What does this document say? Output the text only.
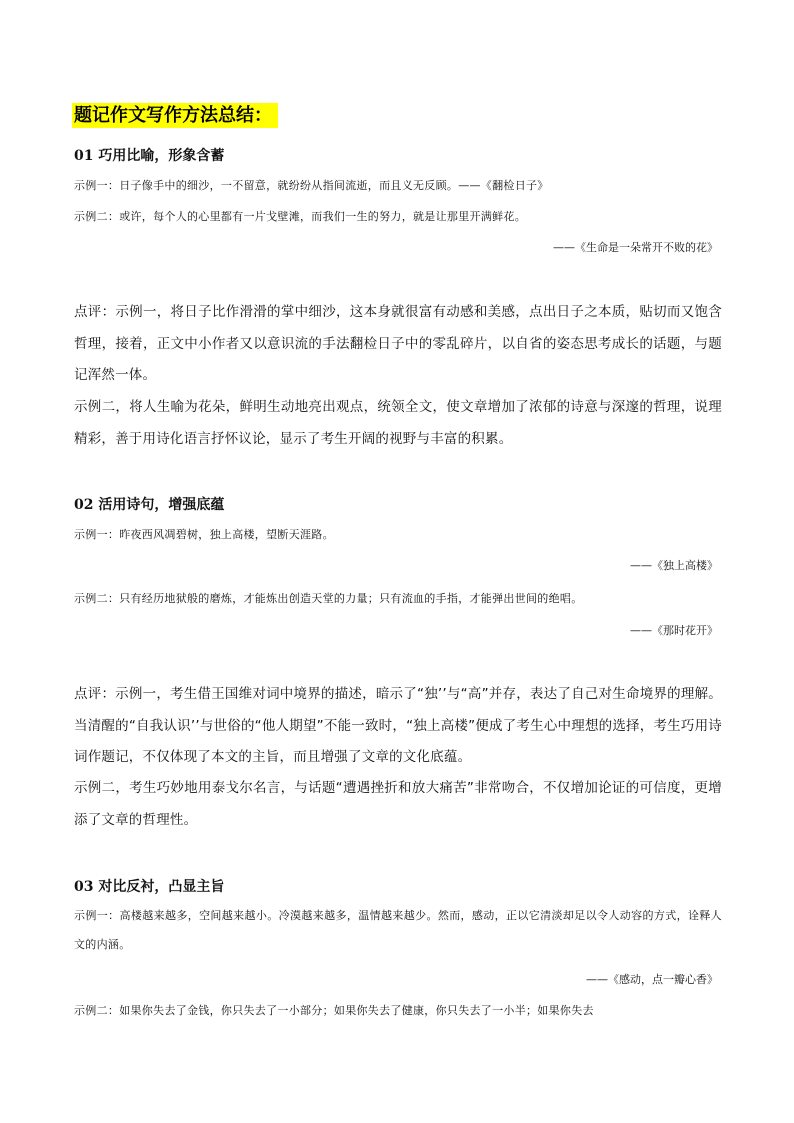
题记作文写作方法总结：
01 巧用比喻，形象含蓄
示例一：日子像手中的细沙，一不留意，就纷纷从指间流逝，而且义无反顾。——《翻检日子》
示例二：或许，每个人的心里都有一片戈壁滩，而我们一生的努力，就是让那里开满鲜花。
——《生命是一朵常开不败的花》
点评：示例一，将日子比作滑滑的掌中细沙，这本身就很富有动感和美感，点出日子之本质，贴切而又饱含哲理，接着，正文中小作者又以意识流的手法翻检日子中的零乱碎片，以自省的姿态思考成长的话题，与题记浑然一体。
示例二，将人生喻为花朵，鲜明生动地亮出观点，统领全文，使文章增加了浓郁的诗意与深邃的哲理，说理精彩，善于用诗化语言抒怀议论，显示了考生开阔的视野与丰富的积累。
02 活用诗句，增强底蕴
示例一：昨夜西风凋碧树，独上高楼，望断天涯路。
——《独上高楼》
示例二：只有经历地狱般的磨炼，才能炼出创造天堂的力量；只有流血的手指，才能弹出世间的绝唱。
——《那时花开》
点评：示例一，考生借王国维对词中境界的描述，暗示了“独’’与“高”并存，表达了自己对生命境界的理解。当清醒的“自我认识’’与世俗的“他人期望”不能一致时，“独上高楼”便成了考生心中理想的选择，考生巧用诗词作题记，不仅体现了本文的主旨，而且增强了文章的文化底蕴。
示例二，考生巧妙地用泰戈尔名言，与话题“遭遇挫折和放大痛苦”非常吻合，不仅增加论证的可信度，更增添了文章的哲理性。
03 对比反衬，凸显主旨
示例一：高楼越来越多，空间越来越小。冷漠越来越多，温情越来越少。然而，感动，正以它清淡却足以令人动容的方式，诠释人文的内涵。
——《感动，点一瓣心香》
示例二：如果你失去了金钱，你只失去了一小部分；如果你失去了健康，你只失去了一小半；如果你失去
